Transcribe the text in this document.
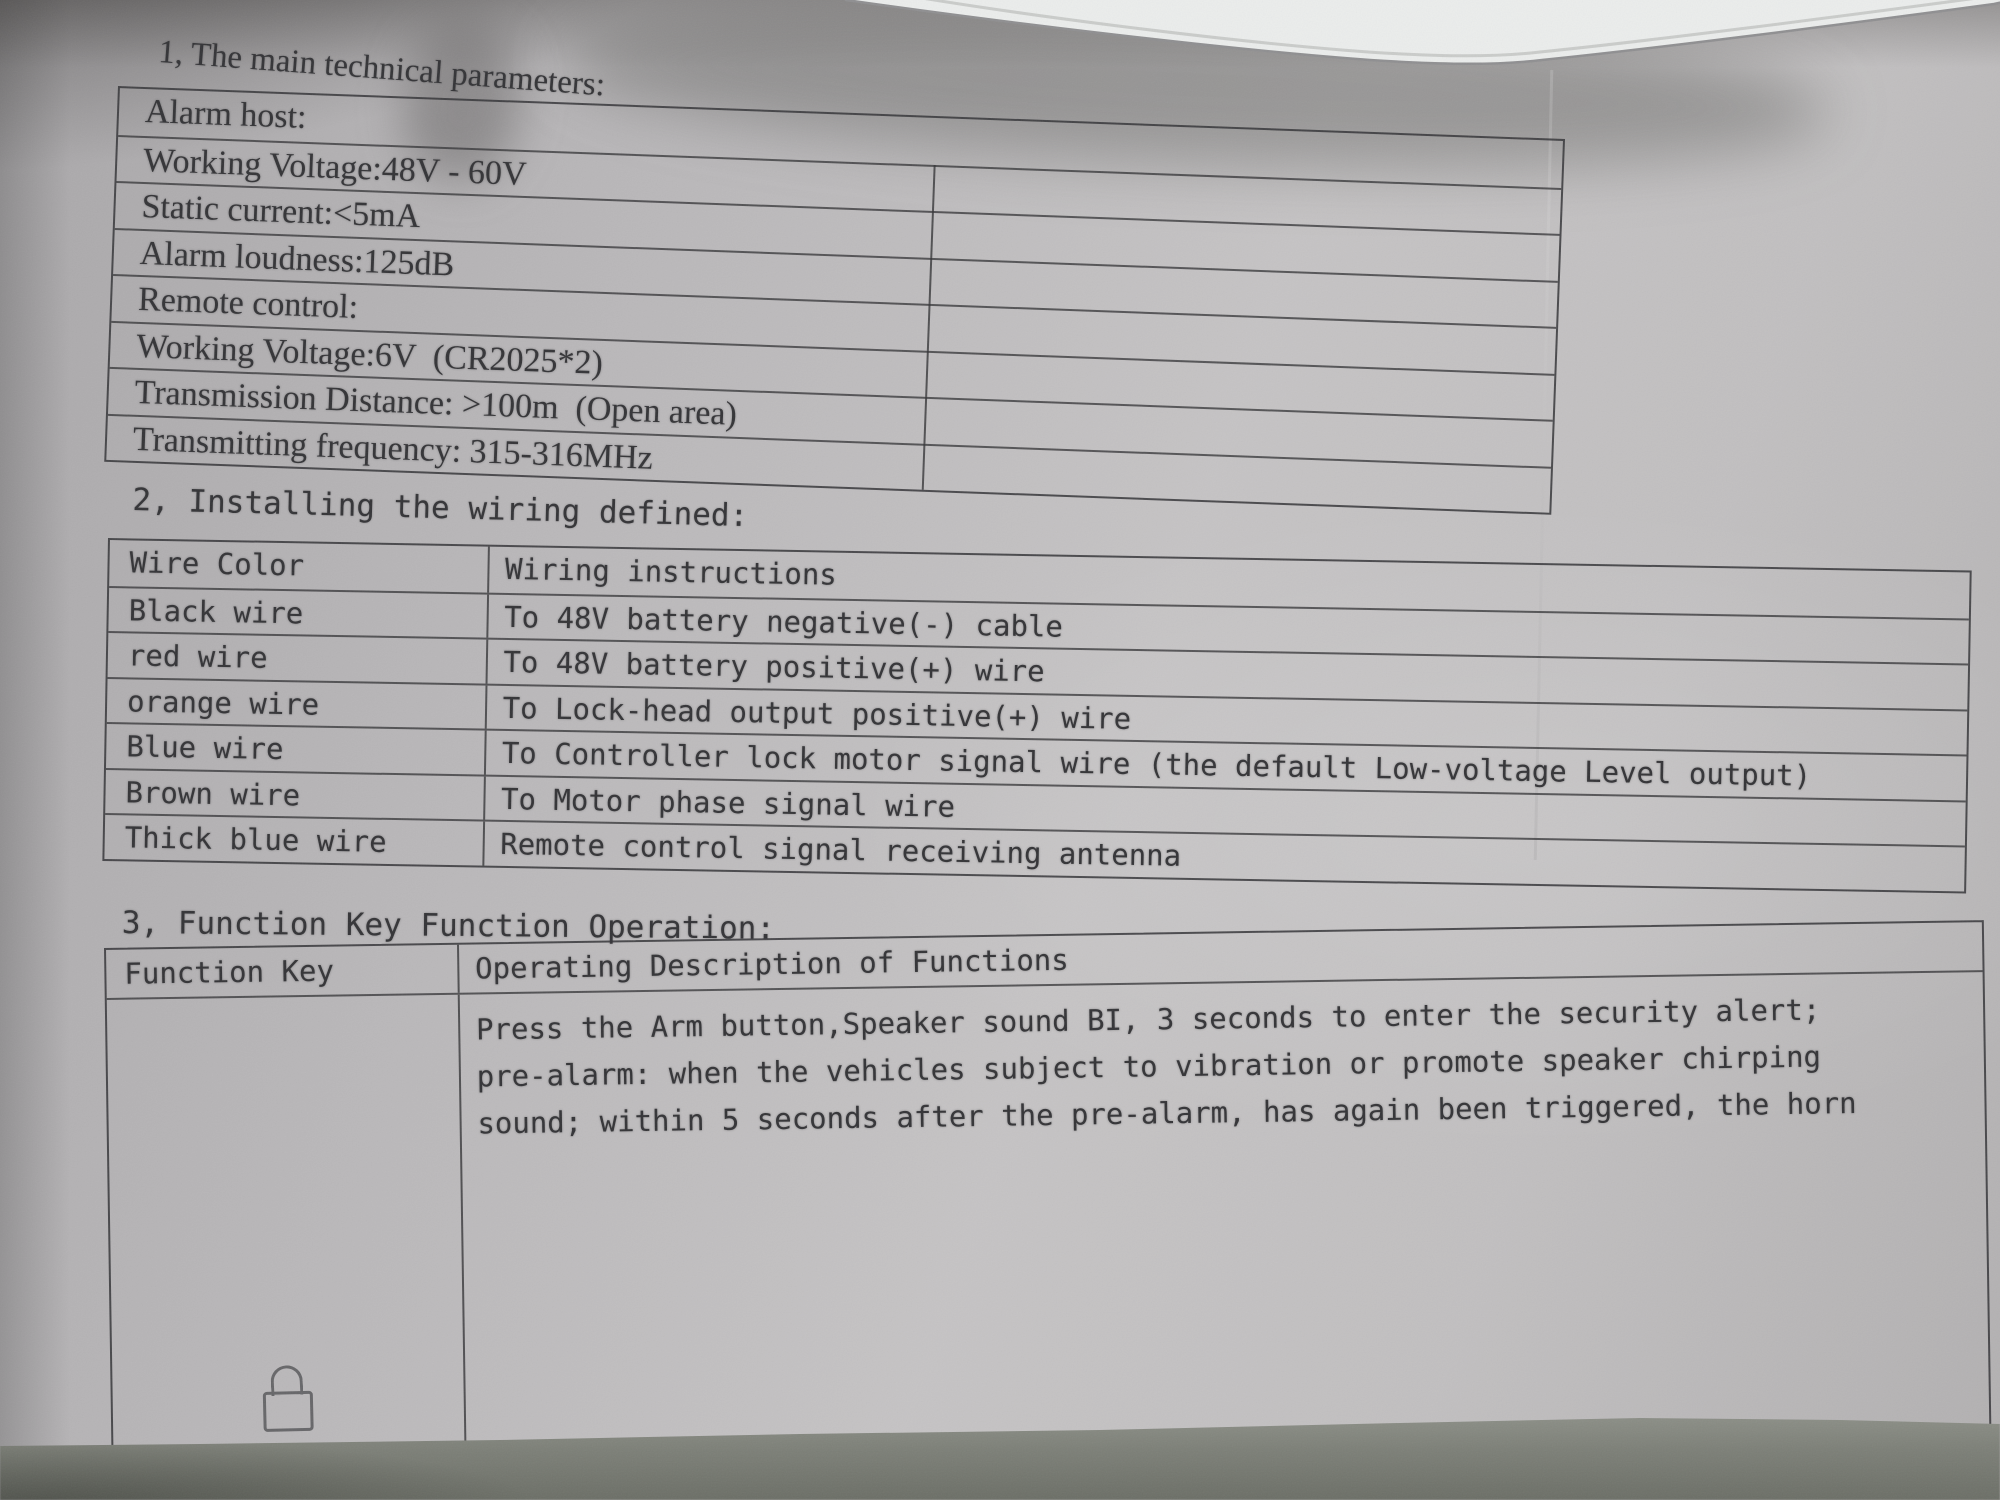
1, The main technical parameters:
Alarm host:
Working Voltage:48V - 60V
Static current:<5mA
Alarm loudness:125dB
Remote control:
Working Voltage:6V  (CR2025*2)
Transmission Distance: >100m  (Open area)
Transmitting frequency: 315-316MHz
2, Installing the wiring defined:
Wire Color	Wiring instructions
Black wire	To 48V battery negative(-) cable
red wire	To 48V battery positive(+) wire
orange wire	To Lock-head output positive(+) wire
Blue wire	To Controller lock motor signal wire (the default Low-voltage Level output)
Brown wire	To Motor phase signal wire
Thick blue wire	Remote control signal receiving antenna
3, Function Key Function Operation:
Function Key	Operating Description of Functions
Press the Arm button,Speaker sound BI, 3 seconds to enter the security alert;
pre-alarm: when the vehicles subject to vibration or promote speaker chirping
sound; within 5 seconds after the pre-alarm, has again been triggered, the horn
